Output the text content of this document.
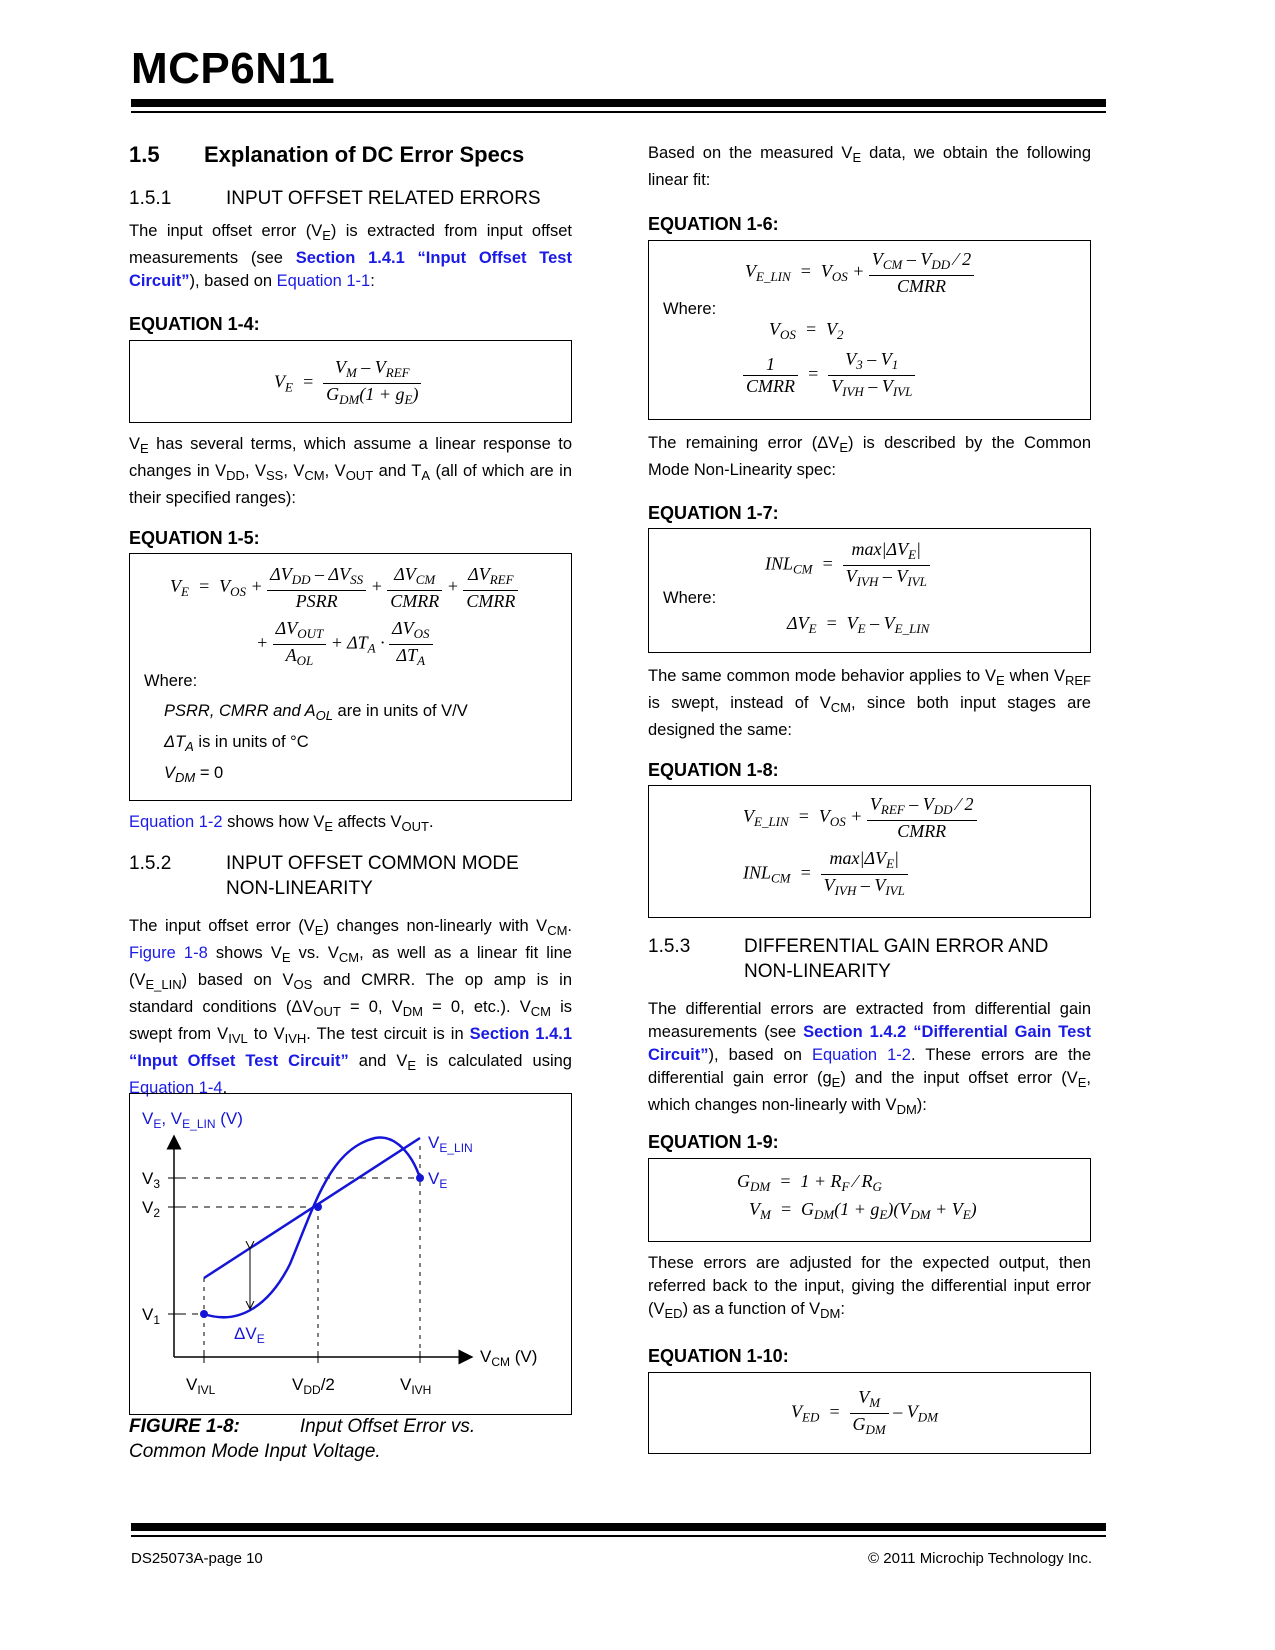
MCP6N11
1.5 Explanation of DC Error Specs
1.5.1	INPUT OFFSET RELATED ERRORS
The input offset error $(V_E)$ is extracted from input offset measurements (see Section 1.4.1 “Input Offset Test Circuit”), based on Equation 1-1:
EQUATION 1-4:
$V_E = \frac{V_M - V_{REF}}{G_{DM}(1 + g_E)}$
$V_E$ has several terms, which assume a linear response to changes in $V_{DD}$, $V_{SS}$, $V_{CM}$, $V_{OUT}$ and $T_A$ (all of which are in their specified ranges):
EQUATION 1-5:
$V_E = V_{OS} + \frac{\Delta V_{DD} - \Delta V_{SS}}{\text{PSRR}} + \frac{\Delta V_{CM}}{\text{CMRR}} + \frac{\Delta V_{REF}}{\text{CMRR}}$
+ $\frac{\Delta V_{OUT}}{A_{OL}} + \Delta T_A \cdot \frac{\Delta V_{OS}}{\Delta T_A}$
Where:
PSRR, CMRR and $A_{OL}$ are in units of V/V
$\Delta T_A$ is in units of °C
$V_{DM} = 0$
Equation 1-2 shows how $V_E$ affects $V_{OUT}$.
1.5.2	INPUT OFFSET COMMON MODE
NON-LINEARITY
The input offset error $(V_E)$ changes non-linearly with $V_{CM}$. Figure 1-8 shows $V_E$ vs. $V_{CM}$, as well as a linear fit line $(V_{E\_LIN})$ based on $V_{OS}$ and CMRR. The op amp is in standard conditions ($\Delta V_{OUT} = 0$, $V_{DM} = 0$, etc.). $V_{CM}$ is swept from $V_{IVL}$ to $V_{IVH}$. The test circuit is in Section 1.4.1 “Input Offset Test Circuit” and $V_E$ is calculated using Equation 1-4.
$V_E$, $V_{E\_LIN}$ (V)
$V_3$
$V_2$
$V_1$
$V_{E\_LIN}$
$V_E$
$\Delta V_E$
$V_{CM}$ (V)
$V_{IVL}$	$V_{DD}/2$	$V_{IVH}$
FIGURE 1-8:	Input Offset Error vs.
Common Mode Input Voltage.
Based on the measured $V_E$ data, we obtain the following linear fit:
EQUATION 1-6:
$V_{E\_LIN} = V_{OS} + \frac{V_{CM} - V_{DD} ⁄ 2}{\text{CMRR}}$
Where:
$V_{OS} = V_2$
$\frac{1}{\text{CMRR}} = \frac{V_3 - V_1}{V_{IVH} - V_{IVL}}$
The remaining error $(\Delta V_E)$ is described by the Common Mode Non-Linearity spec:
EQUATION 1-7:
$INL_{CM} = \frac{\max|\Delta V_E|}{V_{IVH} - V_{IVL}}$
Where:
$\Delta V_E = V_E - V_{E\_LIN}$
The same common mode behavior applies to $V_E$ when $V_{REF}$ is swept, instead of $V_{CM}$, since both input stages are designed the same:
EQUATION 1-8:
$V_{E\_LIN} = V_{OS} + \frac{V_{REF} - V_{DD} ⁄ 2}{\text{CMRR}}$
$INL_{CM} = \frac{\max|\Delta V_E|}{V_{IVH} - V_{IVL}}$
1.5.3	DIFFERENTIAL GAIN ERROR AND
NON-LINEARITY
The differential errors are extracted from differential gain measurements (see Section 1.4.2 “Differential Gain Test Circuit”), based on Equation 1-2. These errors are the differential gain error $(g_E)$ and the input offset error ($V_E$, which changes non-linearly with $V_{DM}$):
EQUATION 1-9:
$G_{DM} = 1 + R_F$ ⁄ $R_G$
$V_M = G_{DM}(1 + g_E)(V_{DM} + V_E)$
These errors are adjusted for the expected output, then referred back to the input, giving the differential input error $(V_{ED})$ as a function of $V_{DM}$:
EQUATION 1-10:
$V_{ED} = \frac{V_M}{G_{DM}} - V_{DM}$
DS25073A-page 10	© 2011 Microchip Technology Inc.
